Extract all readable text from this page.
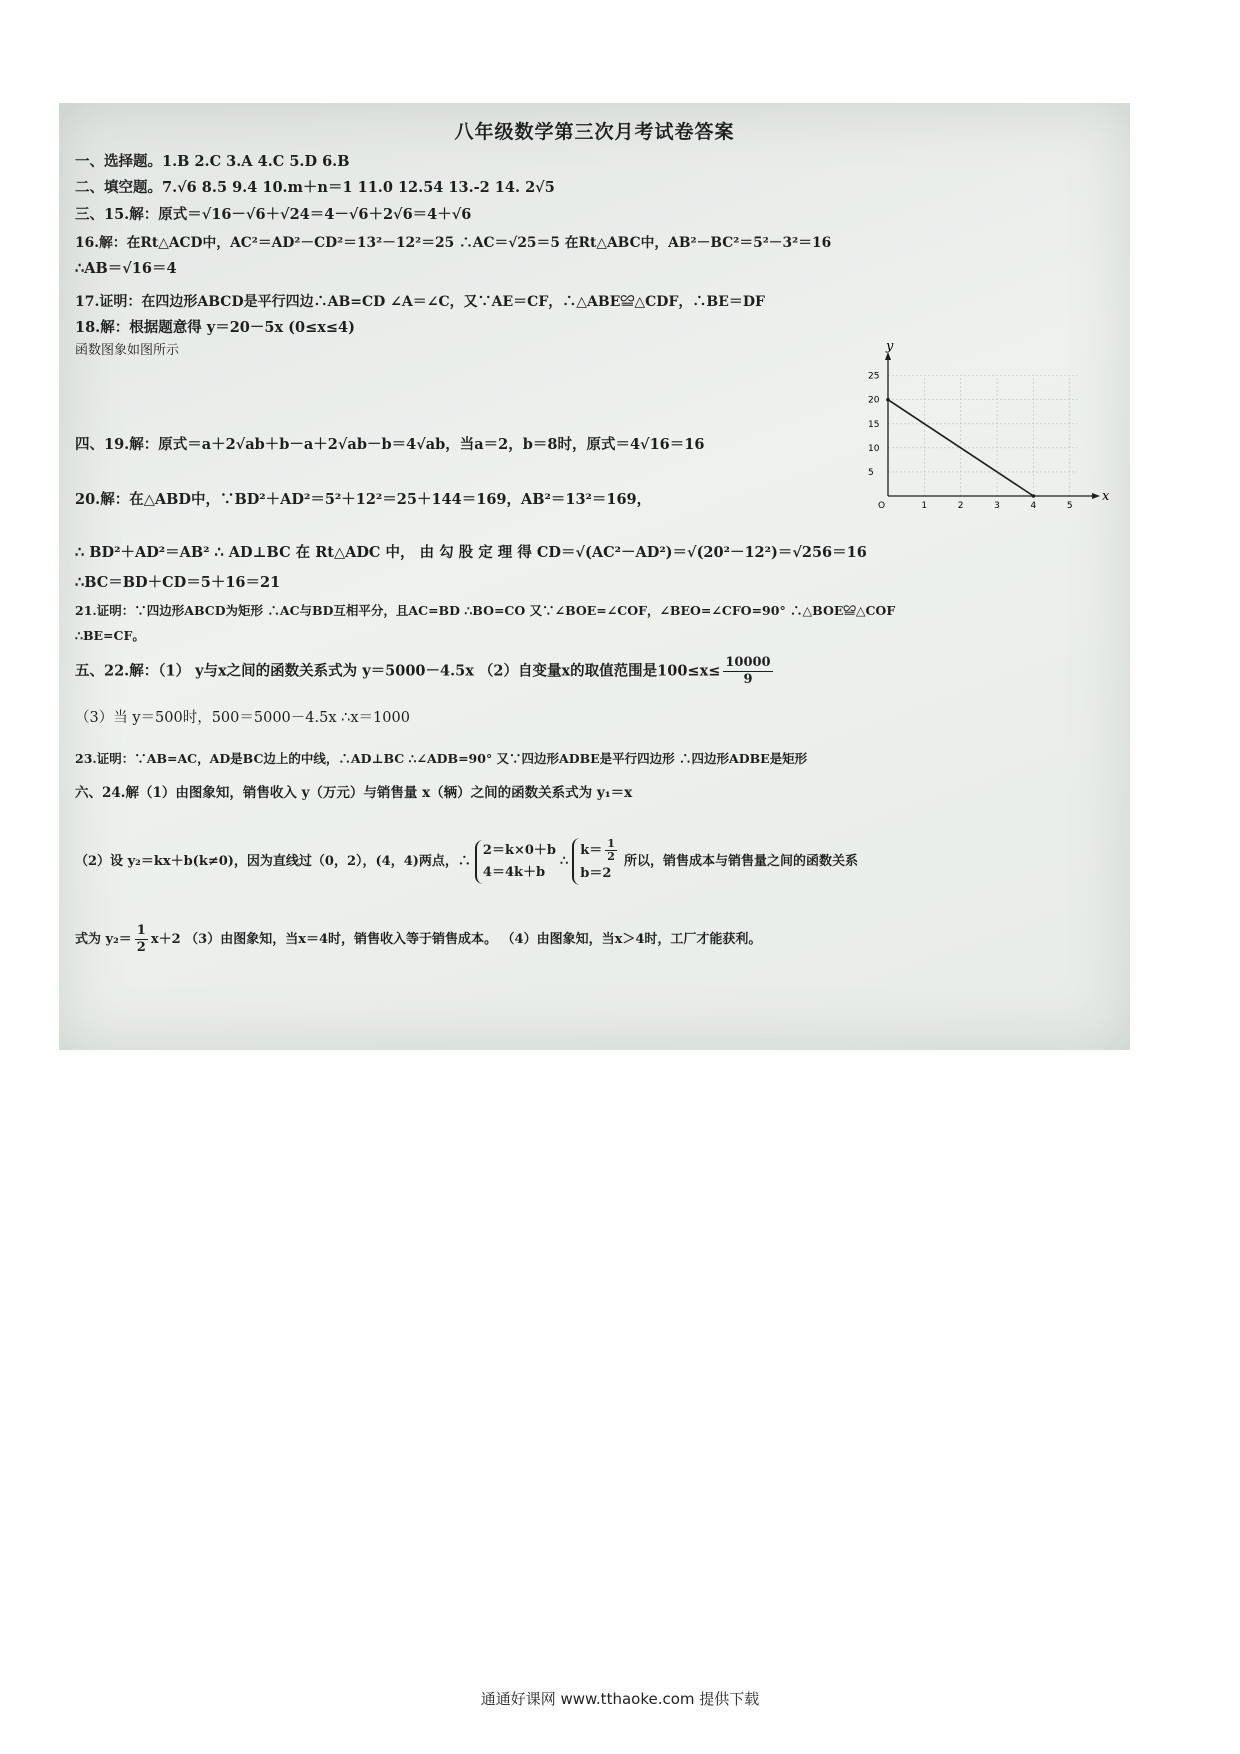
八年级数学第三次月考试卷答案
一、选择题。1.B 2.C 3.A 4.C 5.D 6.B
二、填空题。7.√6 8.5 9.4 10.m＋n＝1 11.0 12.54 13.-2 14. 2√5
三、15.解：原式＝√16－√6＋√24＝4－√6＋2√6＝4＋√6
16.解：在Rt△ACD中，AC²＝AD²－CD²＝13²－12²＝25 ∴AC＝√25＝5 在Rt△ABC中，AB²－BC²＝5²－3²＝16
∴AB＝√16＝4
17.证明：在四边形ABCD是平行四边∴AB=CD ∠A＝∠C，又∵AE＝CF，∴△ABE≌△CDF，∴BE＝DF
18.解：根据题意得 y＝20－5x (0≤x≤4)
函数图象如图所示
x
y
O	1	2	3	4	5
5
10
15
20
25
四、19.解：原式＝a＋2√ab＋b－a＋2√ab－b＝4√ab，当a＝2，b＝8时，原式＝4√16＝16
20.解：在△ABD中，∵BD²＋AD²＝5²＋12²＝25＋144＝169，AB²＝13²＝169，
∴ BD²＋AD²＝AB² ∴ AD⊥BC 在 Rt△ADC 中， 由 勾 股 定 理 得 CD＝√(AC²－AD²)＝√(20²－12²)＝√256＝16
∴BC＝BD＋CD＝5＋16＝21
21.证明：∵四边形ABCD为矩形 ∴AC与BD互相平分，且AC=BD ∴BO=CO 又∵∠BOE=∠COF，∠BEO=∠CFO=90° ∴△BOE≌△COF
∴BE=CF。
五、22.解：（1） y与x之间的函数关系式为 y＝5000－4.5x （2）自变量x的取值范围是$100\le x\le \frac{10000}{9}$
（3）当 y＝500时，500＝5000－4.5x ∴x＝1000
23.证明：∵AB=AC，AD是BC边上的中线，∴AD⊥BC ∴∠ADB=90° 又∵四边形ADBE是平行四边形 ∴四边形ADBE是矩形
六、24.解（1）由图象知，销售收入 y（万元）与销售量 x（辆）之间的函数关系式为 y₁＝x
（2）设 y₂＝kx＋b(k≠0)，因为直线过（0，2），(4，4)两点，∴
2＝k×0＋b
4＝4k＋b
∴
$k= \frac{1}{2}$
b＝2
所以，销售成本与销售量之间的函数关系
式为 $y_2= \frac{1}{2} x+2$ （3）由图象知，当x＝4时，销售收入等于销售成本。 （4）由图象知，当x＞4时，工厂才能获利。
通通好课网 www.tthaoke.com 提供下载
